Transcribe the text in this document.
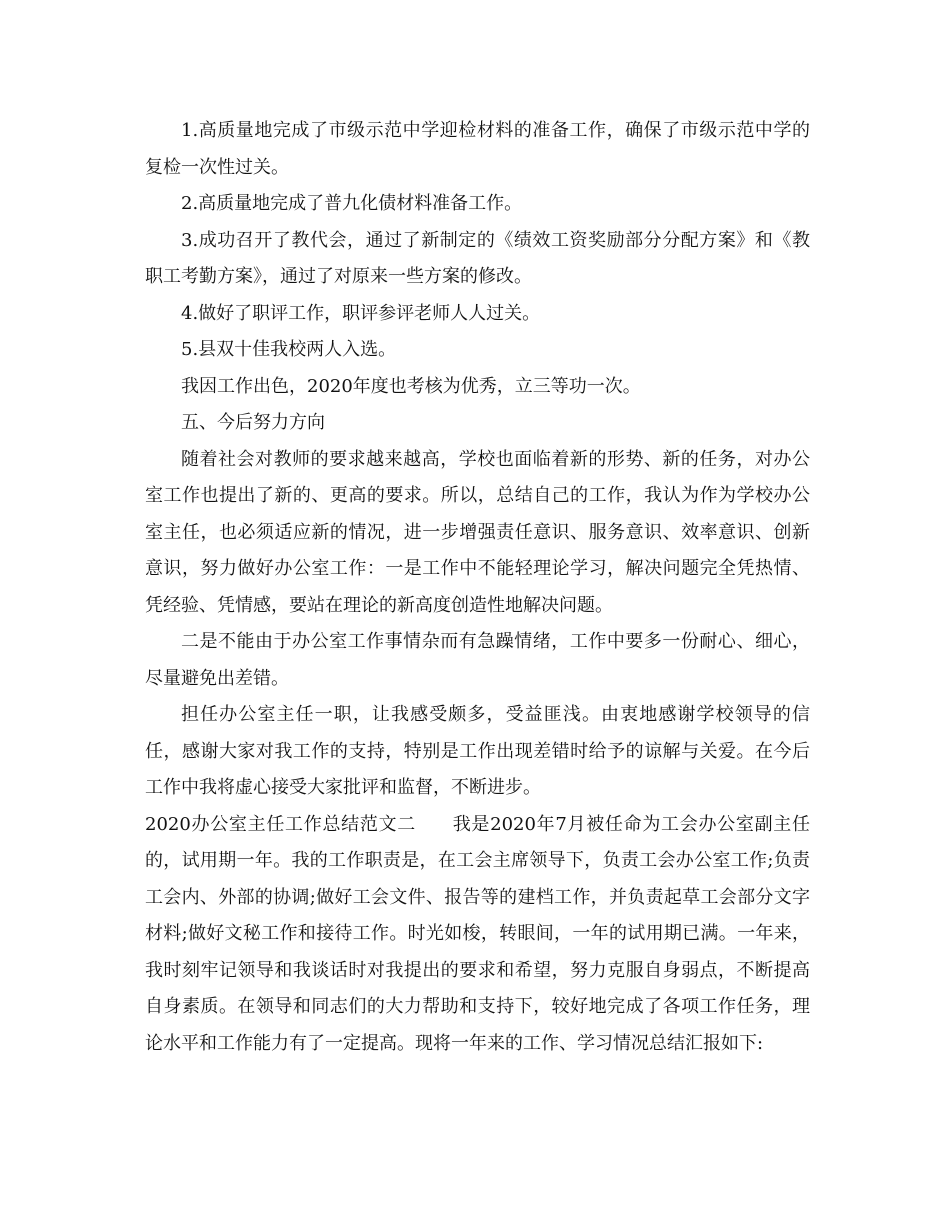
1.高质量地完成了市级示范中学迎检材料的准备工作，确保了市级示范中学的复检一次性过关。

2.高质量地完成了普九化债材料准备工作。

3.成功召开了教代会，通过了新制定的《绩效工资奖励部分分配方案》和《教职工考勤方案》，通过了对原来一些方案的修改。

4.做好了职评工作，职评参评老师人人过关。

5.县双十佳我校两人入选。

我因工作出色，2020年度也考核为优秀，立三等功一次。

五、今后努力方向

随着社会对教师的要求越来越高，学校也面临着新的形势、新的任务，对办公室工作也提出了新的、更高的要求。所以，总结自己的工作，我认为作为学校办公室主任，也必须适应新的情况，进一步增强责任意识、服务意识、效率意识、创新意识，努力做好办公室工作：一是工作中不能轻理论学习，解决问题完全凭热情、凭经验、凭情感，要站在理论的新高度创造性地解决问题。

二是不能由于办公室工作事情杂而有急躁情绪，工作中要多一份耐心、细心，尽量避免出差错。

担任办公室主任一职，让我感受颇多，受益匪浅。由衷地感谢学校领导的信任，感谢大家对我工作的支持，特别是工作出现差错时给予的谅解与关爱。在今后工作中我将虚心接受大家批评和监督，不断进步。

2020办公室主任工作总结范文二 我是2020年7月被任命为工会办公室副主任的，试用期一年。我的工作职责是，在工会主席领导下，负责工会办公室工作;负责工会内、外部的协调;做好工会文件、报告等的建档工作，并负责起草工会部分文字材料;做好文秘工作和接待工作。时光如梭，转眼间，一年的试用期已满。一年来，我时刻牢记领导和我谈话时对我提出的要求和希望，努力克服自身弱点，不断提高自身素质。在领导和同志们的大力帮助和支持下，较好地完成了各项工作任务，理论水平和工作能力有了一定提高。现将一年来的工作、学习情况总结汇报如下:
